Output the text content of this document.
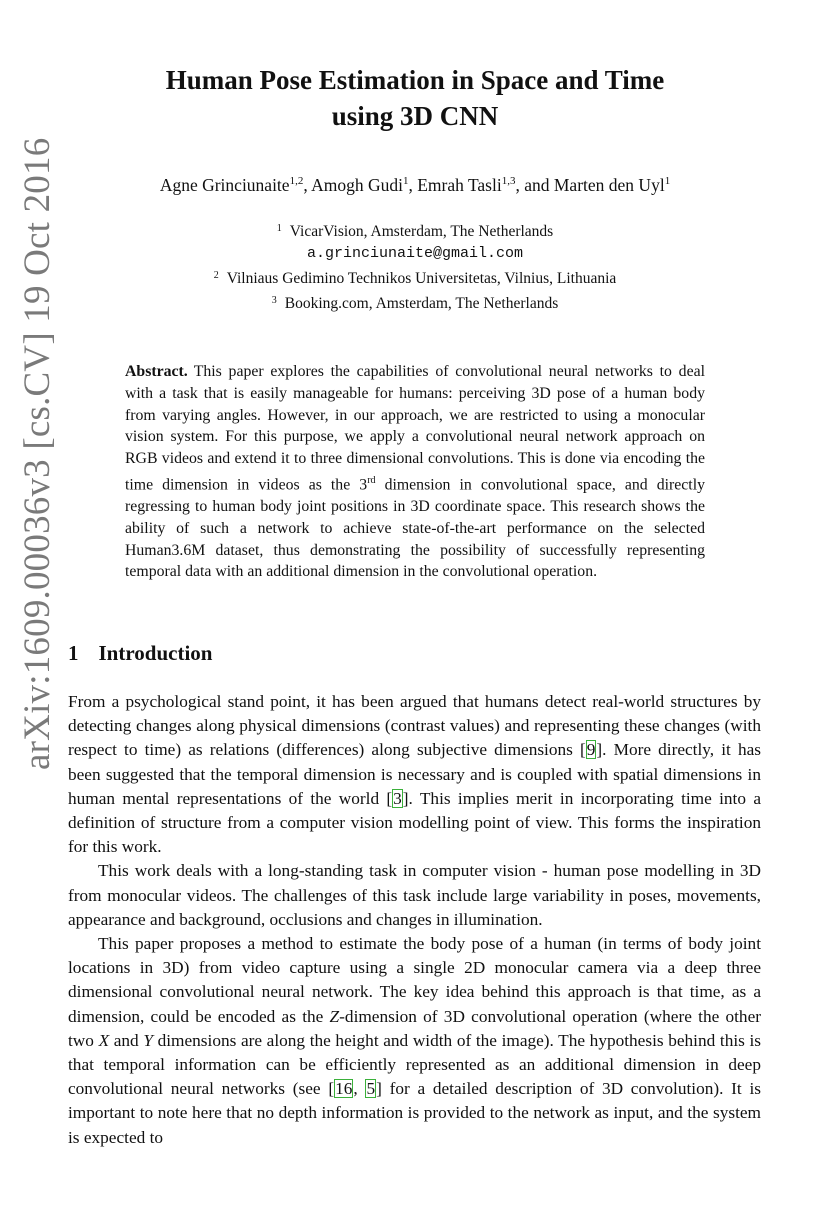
arXiv:1609.00036v3 [cs.CV] 19 Oct 2016
Human Pose Estimation in Space and Time
using 3D CNN
Agne Grinciunaite$^{1,2}$, Amogh Gudi$^1$, Emrah Tasli$^{1,3}$, and Marten den Uyl$^1$
$^1$ VicarVision, Amsterdam, The Netherlands
a.grinciunaite@gmail.com
$^2$ Vilniaus Gedimino Technikos Universitetas, Vilnius, Lithuania
$^3$ Booking.com, Amsterdam, The Netherlands
Abstract. This paper explores the capabilities of convolutional neural networks to deal with a task that is easily manageable for humans: perceiving 3D pose of a human body from varying angles. However, in our approach, we are restricted to using a monocular vision system. For this purpose, we apply a convolutional neural network approach on RGB videos and extend it to three dimensional convolutions. This is done via encoding the time dimension in videos as the 3rd dimension in convolutional space, and directly regressing to human body joint positions in 3D coordinate space. This research shows the ability of such a network to achieve state-of-the-art performance on the selected Human3.6M dataset, thus demonstrating the possibility of successfully representing temporal data with an additional dimension in the convolutional operation.
1 Introduction

From a psychological stand point, it has been argued that humans detect real-world structures by detecting changes along physical dimensions (contrast values) and representing these changes (with respect to time) as relations (differences) along subjective dimensions [9]. More directly, it has been suggested that the temporal dimension is necessary and is coupled with spatial dimensions in human mental representations of the world [3]. This implies merit in incorporating time into a definition of structure from a computer vision modelling point of view. This forms the inspiration for this work.

This work deals with a long-standing task in computer vision - human pose modelling in 3D from monocular videos. The challenges of this task include large variability in poses, movements, appearance and background, occlusions and changes in illumination.

This paper proposes a method to estimate the body pose of a human (in terms of body joint locations in 3D) from video capture using a single 2D monocular camera via a deep three dimensional convolutional neural network. The key idea behind this approach is that time, as a dimension, could be encoded as the Z-dimension of 3D convolutional operation (where the other two X and Y dimensions are along the height and width of the image). The hypothesis behind this is that temporal information can be efficiently represented as an additional dimension in deep convolutional neural networks (see [16, 5] for a detailed description of 3D convolution). It is important to note here that no depth information is provided to the network as input, and the system is expected to
